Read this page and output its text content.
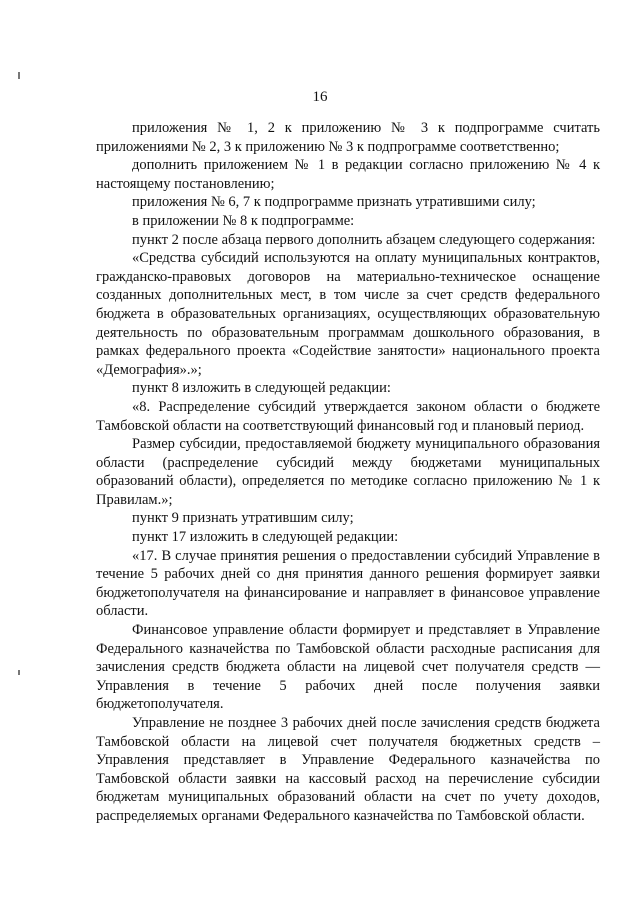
16

приложения № 1, 2 к приложению № 3 к подпрограмме считать приложениями № 2, 3 к приложению № 3 к подпрограмме соответственно;

дополнить приложением № 1 в редакции согласно приложению № 4 к настоящему постановлению;

приложения № 6, 7 к подпрограмме признать утратившими силу;

в приложении № 8 к подпрограмме:

пункт 2 после абзаца первого дополнить абзацем следующего содержания:

«Средства субсидий используются на оплату муниципальных контрактов, гражданско-правовых договоров на материально-техническое оснащение созданных дополнительных мест, в том числе за счет средств федерального бюджета в образовательных организациях, осуществляющих образовательную деятельность по образовательным программам дошкольного образования, в рамках федерального проекта «Содействие занятости» национального проекта «Демография».»;

пункт 8 изложить в следующей редакции:

«8. Распределение субсидий утверждается законом области о бюджете Тамбовской области на соответствующий финансовый год и плановый период.

Размер субсидии, предоставляемой бюджету муниципального образования области (распределение субсидий между бюджетами муниципальных образований области), определяется по методике согласно приложению № 1 к Правилам.»;

пункт 9 признать утратившим силу;

пункт 17 изложить в следующей редакции:

«17. В случае принятия решения о предоставлении субсидий Управление в течение 5 рабочих дней со дня принятия данного решения формирует заявки бюджетополучателя на финансирование и направляет в финансовое управление области.

Финансовое управление области формирует и представляет в Управление Федерального казначейства по Тамбовской области расходные расписания для зачисления средств бюджета области на лицевой счет получателя средств — Управления в течение 5 рабочих дней после получения заявки бюджетополучателя.

Управление не позднее 3 рабочих дней после зачисления средств бюджета Тамбовской области на лицевой счет получателя бюджетных средств – Управления представляет в Управление Федерального казначейства по Тамбовской области заявки на кассовый расход на перечисление субсидии бюджетам муниципальных образований области на счет по учету доходов, распределяемых органами Федерального казначейства по Тамбовской области.
